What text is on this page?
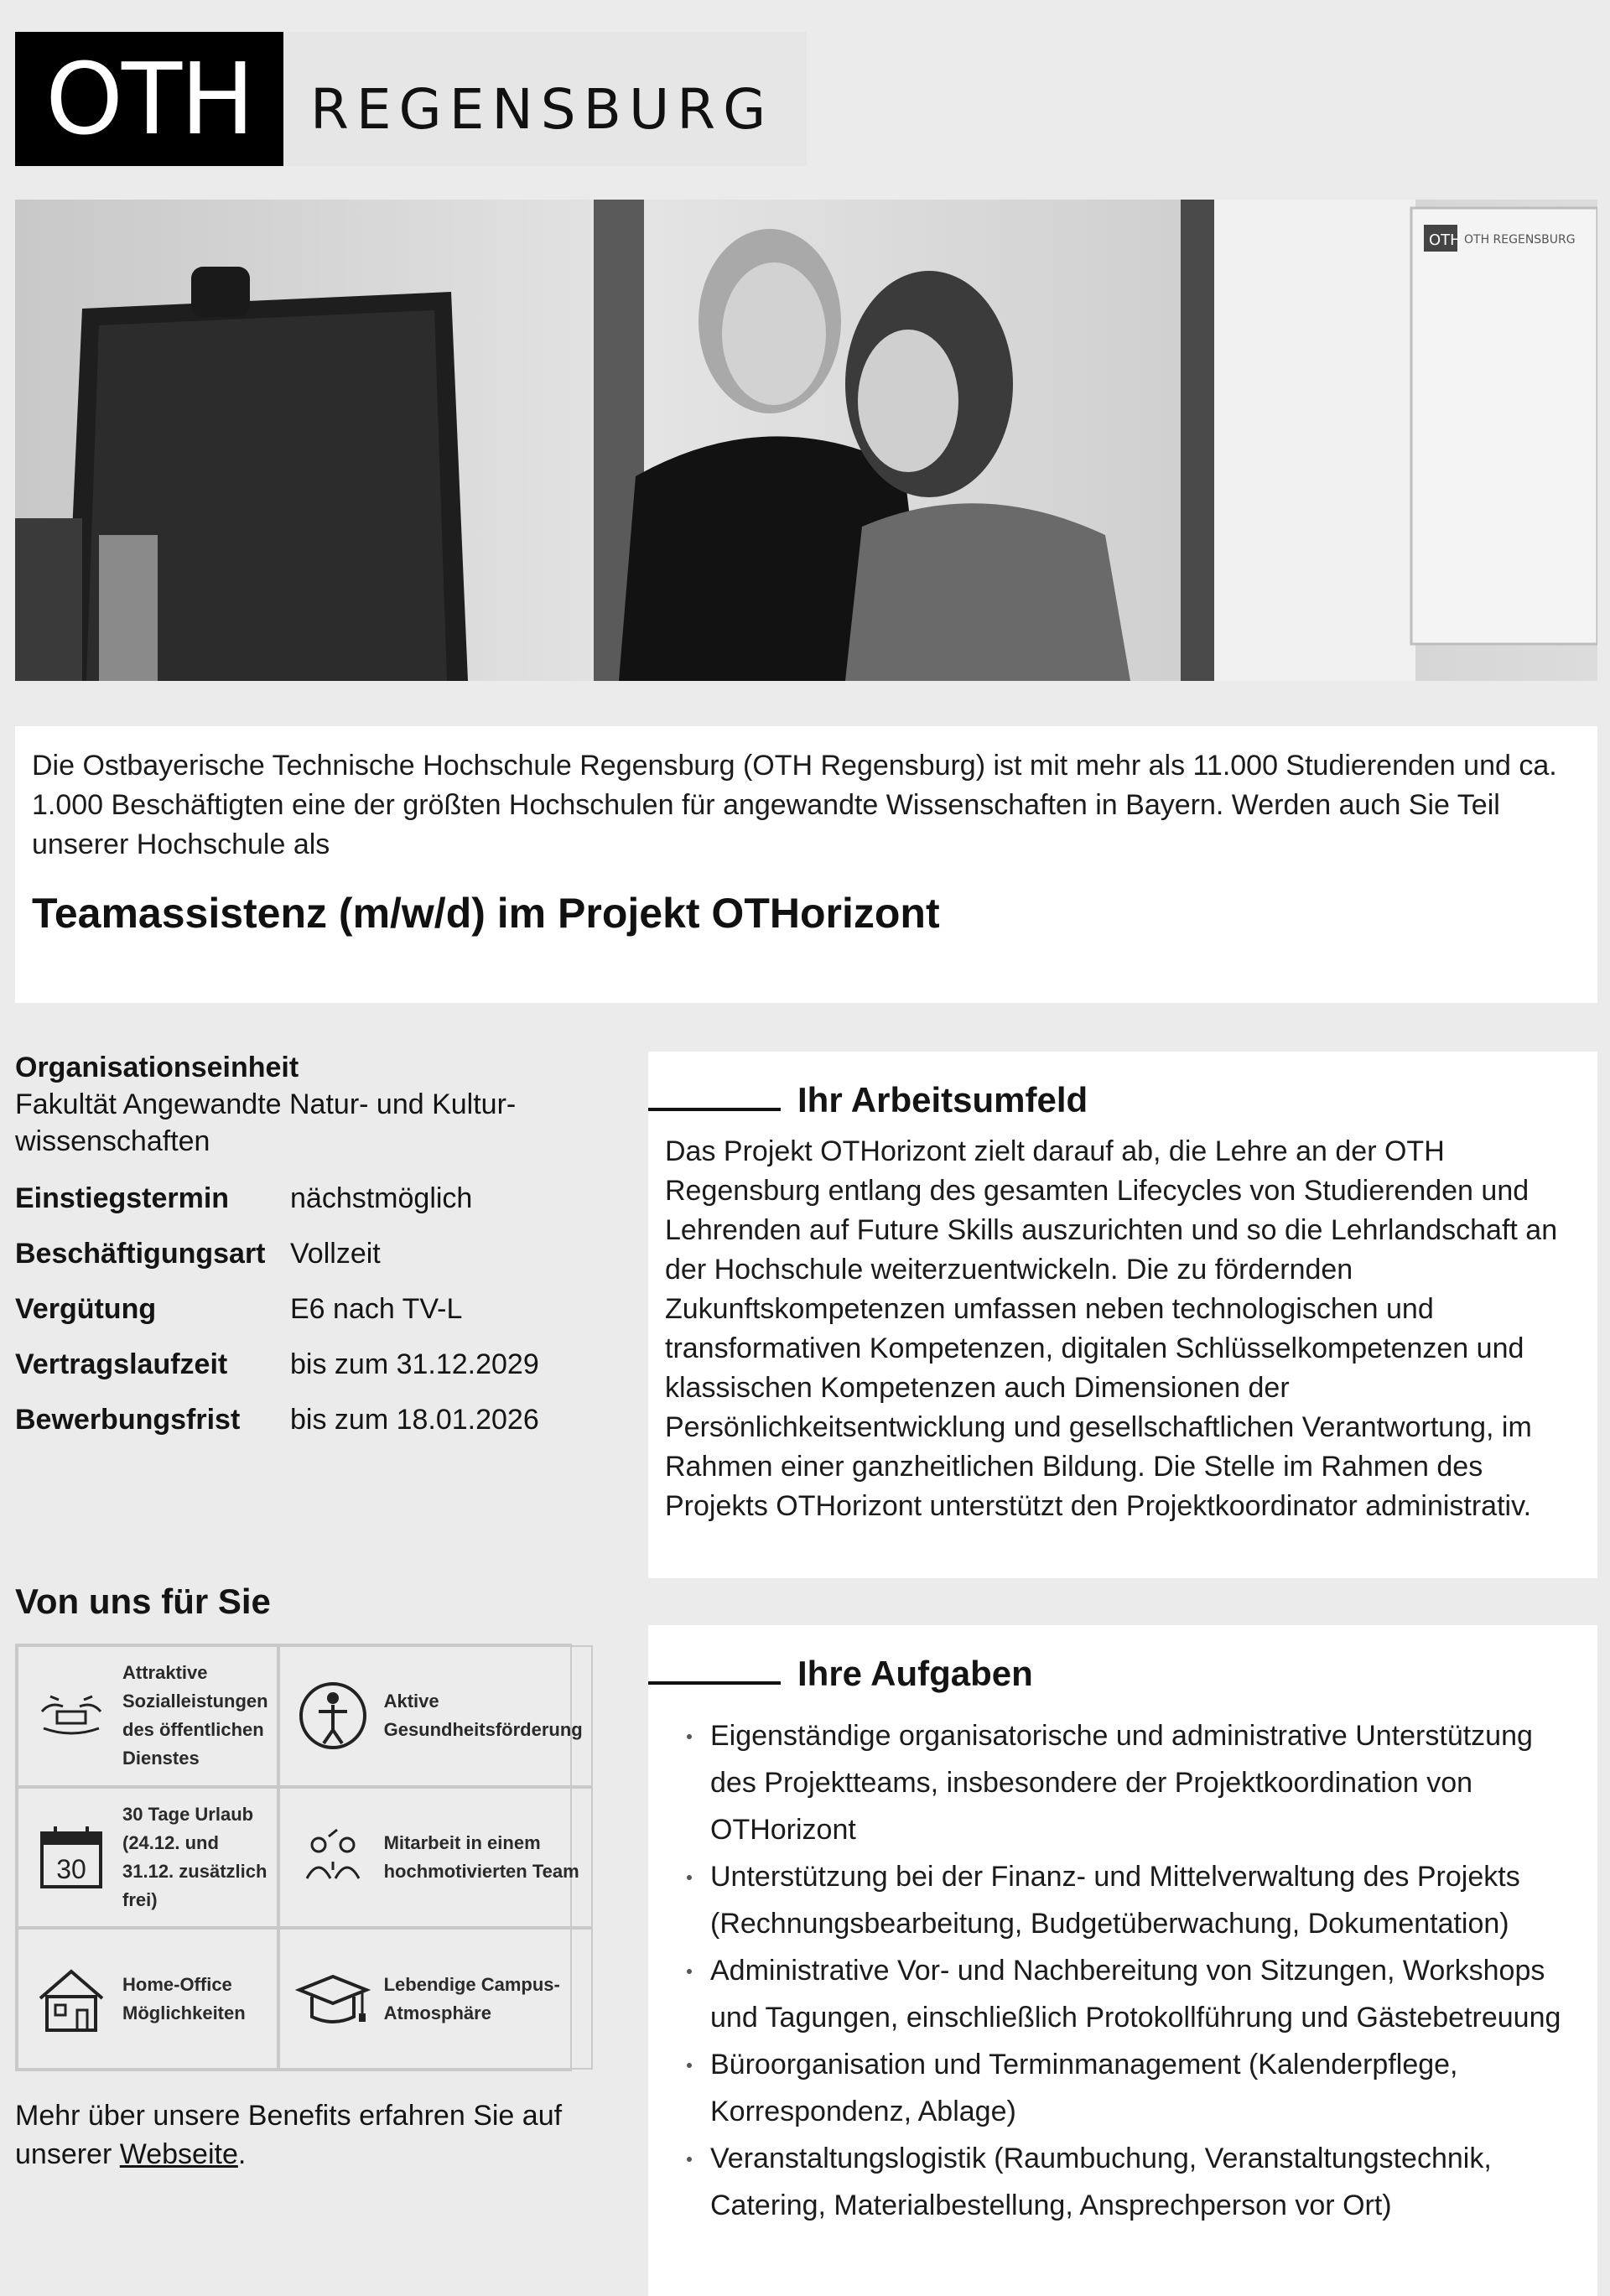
OTH REGENSBURG
OTH OTH REGENSBURG

Die Ostbayerische Technische Hochschule Regensburg (OTH Regensburg) ist mit mehr als 11.000 Studierenden und ca. 1.000 Beschäftigten eine der größten Hochschulen für angewandte Wissenschaften in Bayern. Werden auch Sie Teil unserer Hochschule als

Teamassistenz (m/w/d) im Projekt OTHorizont
Organisationseinheit
Fakultät Angewandte Natur- und Kultur-wissenschaften
Einstiegstermin	nächstmöglich
Beschäftigungsart Vollzeit
Vergütung	E6 nach TV-L
Vertragslaufzeit	bis zum 31.12.2029
Bewerbungsfrist	bis zum 18.01.2026
Von uns für Sie
Attraktive Sozialleistungen des öffentlichen Dienstes
Aktive Gesundheitsförderung
30
30 Tage Urlaub (24.12. und 31.12. zusätzlich frei)
Mitarbeit in einem hochmotivierten Team
Home-Office Möglichkeiten
Lebendige Campus-Atmosphäre

Mehr über unsere Benefits erfahren Sie auf unserer Webseite.

Ihr Arbeitsumfeld

Das Projekt OTHorizont zielt darauf ab, die Lehre an der OTH Regensburg entlang des gesamten Lifecycles von Studierenden und Lehrenden auf Future Skills auszurichten und so die Lehrlandschaft an der Hochschule weiterzuentwickeln. Die zu fördernden Zukunftskompetenzen umfassen neben technologischen und transformativen Kompetenzen, digitalen Schlüsselkompetenzen und klassischen Kompetenzen auch Dimensionen der Persönlichkeitsentwicklung und gesellschaftlichen Verantwortung, im Rahmen einer ganzheitlichen Bildung. Die Stelle im Rahmen des Projekts OTHorizont unterstützt den Projektkoordinator administrativ.

Ihre Aufgaben
Eigenständige organisatorische und administrative Unterstützung des Projektteams, insbesondere der Projektkoordination von OTHorizont
Unterstützung bei der Finanz- und Mittelverwaltung des Projekts (Rechnungsbearbeitung, Budgetüberwachung, Dokumentation)
Administrative Vor- und Nachbereitung von Sitzungen, Workshops und Tagungen, einschließlich Protokollführung und Gästebetreuung
Büroorganisation und Terminmanagement (Kalenderpflege, Korrespondenz, Ablage)
Veranstaltungslogistik (Raumbuchung, Veranstaltungstechnik, Catering, Materialbestellung, Ansprechperson vor Ort)
